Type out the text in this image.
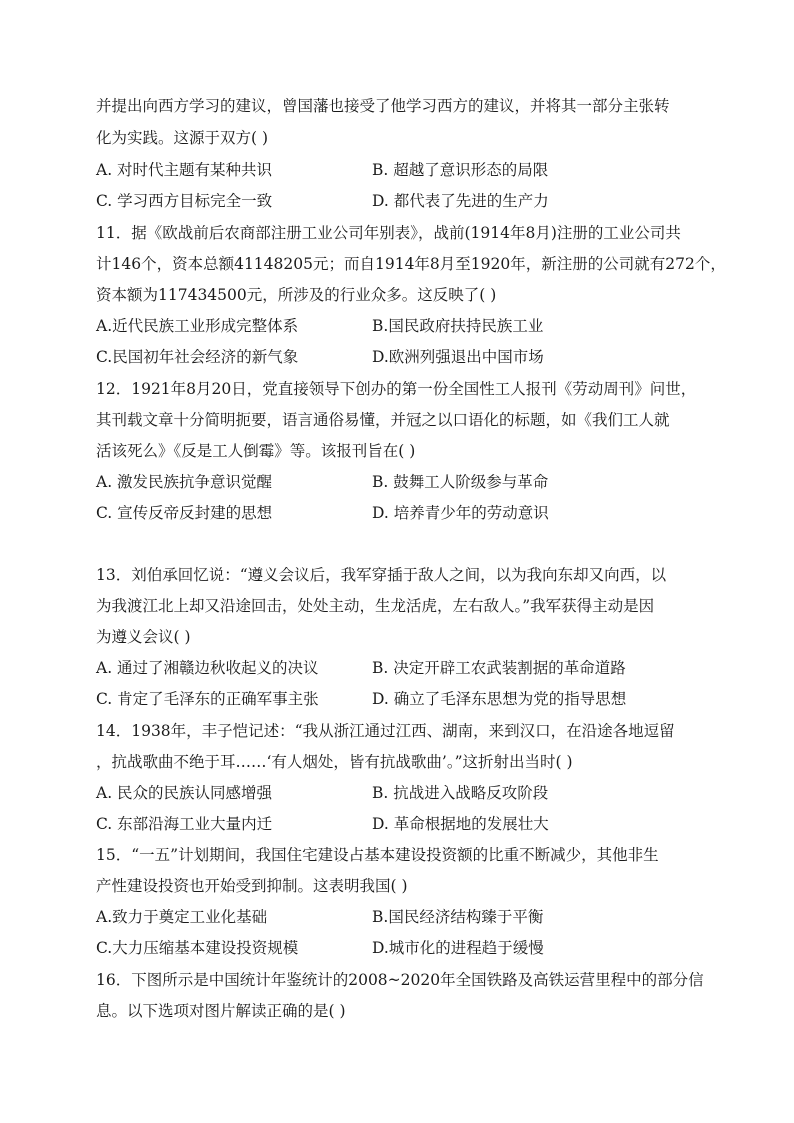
并提出向西方学习的建议，曾国藩也接受了他学习西方的建议，并将其一部分主张转
化为实践。这源于双方( )
A. 对时代主题有某种共识	B. 超越了意识形态的局限
C. 学习西方目标完全一致	D. 都代表了先进的生产力
11．据《欧战前后农商部注册工业公司年别表》，战前(1914年8月)注册的工业公司共
计146个，资本总额41148205元；而自1914年8月至1920年，新注册的公司就有272个，
资本额为117434500元，所涉及的行业众多。这反映了( )
A.近代民族工业形成完整体系	B.国民政府扶持民族工业
C.民国初年社会经济的新气象	D.欧洲列强退出中国市场
12．1921年8月20日，党直接领导下创办的第一份全国性工人报刊《劳动周刊》问世，
其刊载文章十分简明扼要，语言通俗易懂，并冠之以口语化的标题，如《我们工人就
活该死么》《反是工人倒霉》等。该报刊旨在( )
A. 激发民族抗争意识觉醒	B. 鼓舞工人阶级参与革命
C. 宣传反帝反封建的思想	D. 培养青少年的劳动意识
13．刘伯承回忆说：“遵义会议后，我军穿插于敌人之间，以为我向东却又向西，以
为我渡江北上却又沿途回击，处处主动，生龙活虎，左右敌人。”我军获得主动是因
为遵义会议( )
A. 通过了湘赣边秋收起义的决议	B. 决定开辟工农武装割据的革命道路
C. 肯定了毛泽东的正确军事主张	D. 确立了毛泽东思想为党的指导思想
14．1938年，丰子恺记述：“我从浙江通过江西、湖南，来到汉口，在沿途各地逗留
，抗战歌曲不绝于耳……‘有人烟处，皆有抗战歌曲’。”这折射出当时( )
A. 民众的民族认同感增强	B. 抗战进入战略反攻阶段
C. 东部沿海工业大量内迁	D. 革命根据地的发展壮大
15．“一五”计划期间，我国住宅建设占基本建设投资额的比重不断减少，其他非生
产性建设投资也开始受到抑制。这表明我国( )
A.致力于奠定工业化基础	B.国民经济结构臻于平衡
C.大力压缩基本建设投资规模	D.城市化的进程趋于缓慢
16．下图所示是中国统计年鉴统计的2008~2020年全国铁路及高铁运营里程中的部分信
息。以下选项对图片解读正确的是( )
